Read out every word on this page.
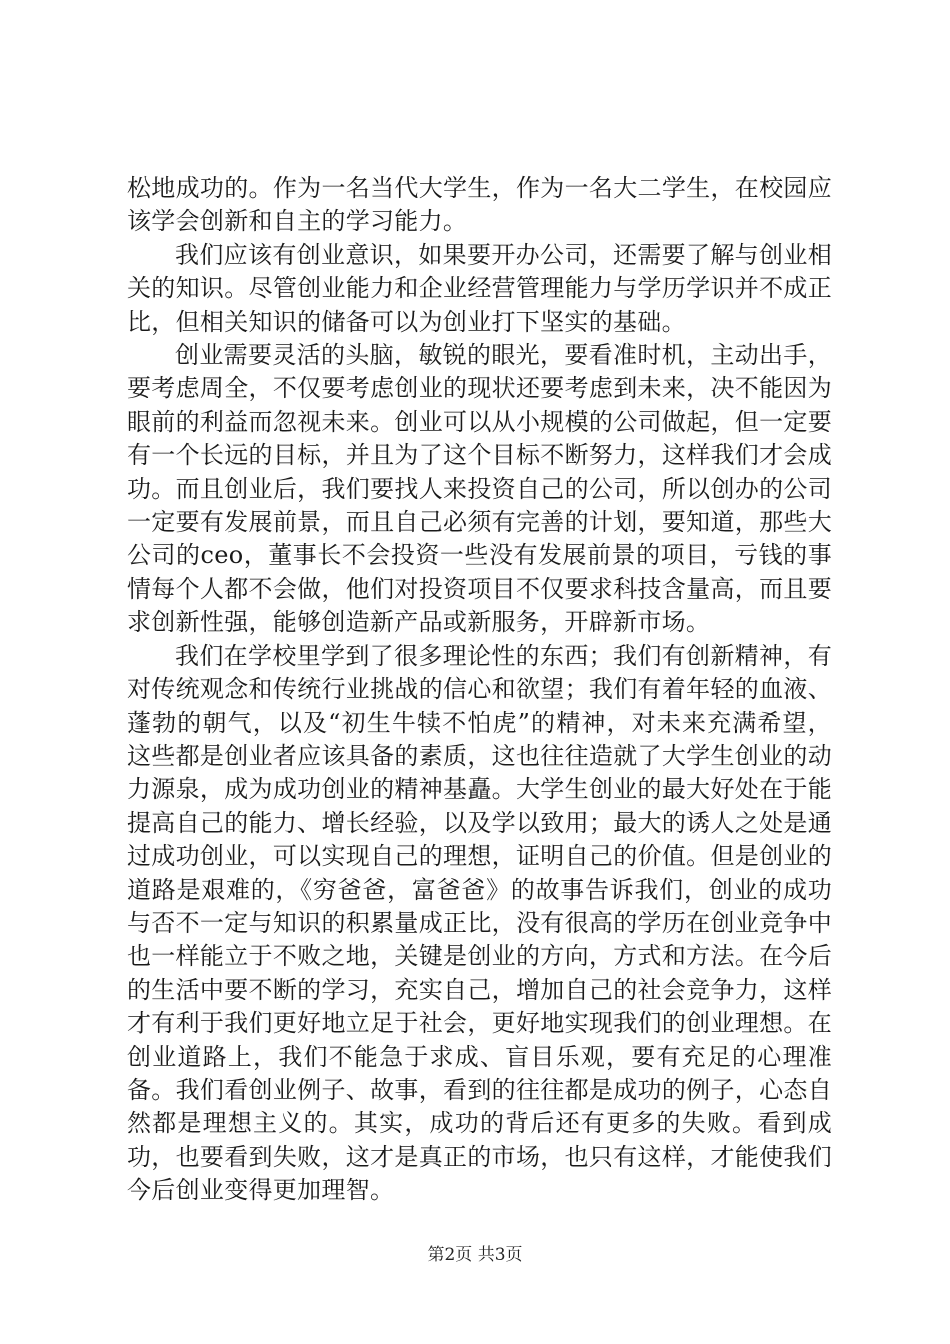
松地成功的。作为一名当代大学生，作为一名大二学生，在校园应该学会创新和自主的学习能力。

我们应该有创业意识，如果要开办公司，还需要了解与创业相关的知识。尽管创业能力和企业经营管理能力与学历学识并不成正比，但相关知识的储备可以为创业打下坚实的基础。

创业需要灵活的头脑，敏锐的眼光，要看准时机，主动出手，要考虑周全，不仅要考虑创业的现状还要考虑到未来，决不能因为眼前的利益而忽视未来。创业可以从小规模的公司做起，但一定要有一个长远的目标，并且为了这个目标不断努力，这样我们才会成功。而且创业后，我们要找人来投资自己的公司，所以创办的公司一定要有发展前景，而且自己必须有完善的计划，要知道，那些大公司的ceo，董事长不会投资一些没有发展前景的项目，亏钱的事情每个人都不会做，他们对投资项目不仅要求科技含量高，而且要求创新性强，能够创造新产品或新服务，开辟新市场。

我们在学校里学到了很多理论性的东西；我们有创新精神，有对传统观念和传统行业挑战的信心和欲望；我们有着年轻的血液、蓬勃的朝气，以及“初生牛犊不怕虎”的精神，对未来充满希望，这些都是创业者应该具备的素质，这也往往造就了大学生创业的动力源泉，成为成功创业的精神基矗。大学生创业的最大好处在于能提高自己的能力、增长经验，以及学以致用；最大的诱人之处是通过成功创业，可以实现自己的理想，证明自己的价值。但是创业的道路是艰难的，《穷爸爸，富爸爸》的故事告诉我们，创业的成功与否不一定与知识的积累量成正比，没有很高的学历在创业竞争中也一样能立于不败之地，关键是创业的方向，方式和方法。在今后的生活中要不断的学习，充实自己，增加自己的社会竞争力，这样才有利于我们更好地立足于社会，更好地实现我们的创业理想。在创业道路上，我们不能急于求成、盲目乐观，要有充足的心理准备。我们看创业例子、故事，看到的往往都是成功的例子，心态自然都是理想主义的。其实，成功的背后还有更多的失败。看到成功，也要看到失败，这才是真正的市场，也只有这样，才能使我们今后创业变得更加理智。

第2页 共3页
